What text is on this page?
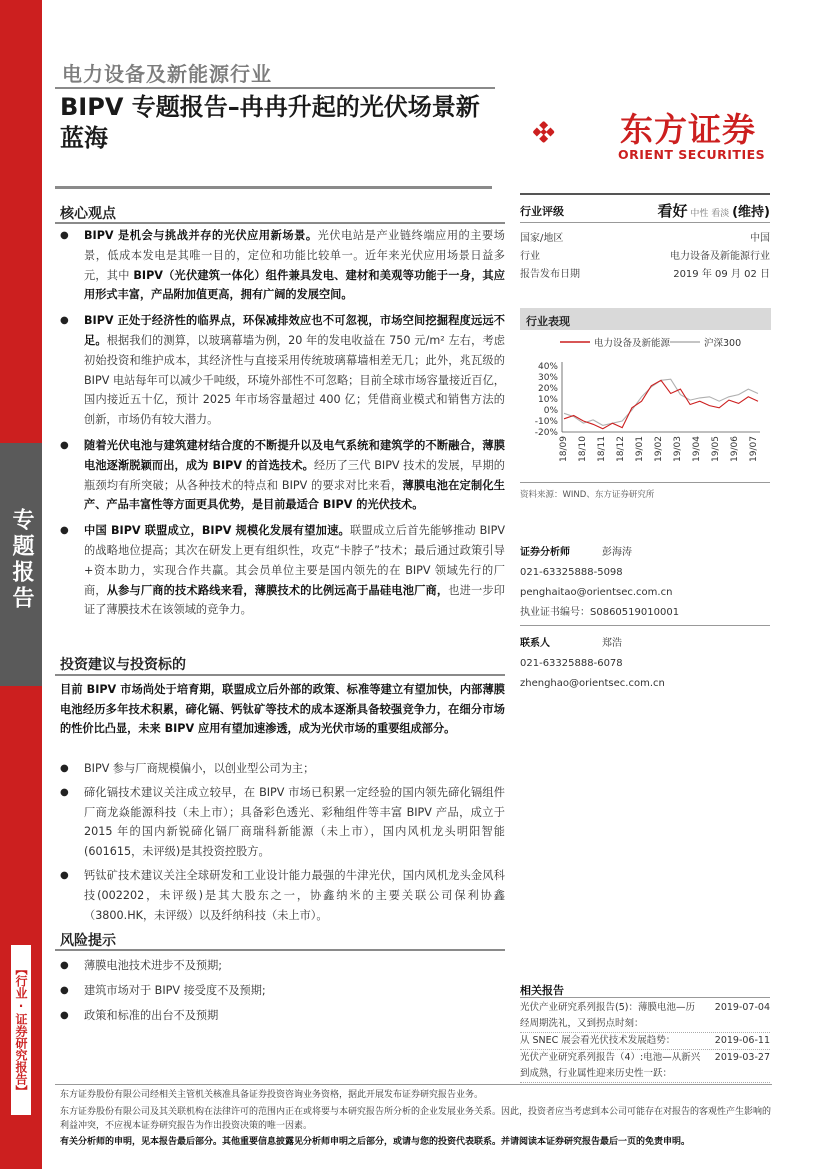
专题报告
【行业·证券研究报告】
电力设备及新能源行业
BIPV 专题报告–冉冉升起的光伏场景新蓝海	东方证券
ORIENT SECURITIES
核心观点
● BIPV 是机会与挑战并存的光伏应用新场景。光伏电站是产业链终端应用的主要场景，低成本发电是其唯一目的，定位和功能比较单一。近年来光伏应用场景日益多元，其中 BIPV（光伏建筑一体化）组件兼具发电、建材和美观等功能于一身，其应用形式丰富，产品附加值更高，拥有广阔的发展空间。
● BIPV 正处于经济性的临界点，环保减排效应也不可忽视，市场空间挖掘程度远远不足。根据我们的测算，以玻璃幕墙为例，20 年的发电收益在 750 元/m² 左右，考虑初始投资和维护成本，其经济性与直接采用传统玻璃幕墙相差无几；此外，兆瓦级的 BIPV 电站每年可以减少千吨级，环境外部性不可忽略；目前全球市场容量接近百亿，国内接近五十亿，预计 2025 年市场容量超过 400 亿；凭借商业模式和销售方法的创新，市场仍有较大潜力。
● 随着光伏电池与建筑建材结合度的不断提升以及电气系统和建筑学的不断融合，薄膜电池逐渐脱颖而出，成为 BIPV 的首选技术。经历了三代 BIPV 技术的发展，早期的瓶颈均有所突破；从各种技术的特点和 BIPV 的要求对比来看，薄膜电池在定制化生产、产品丰富性等方面更具优势，是目前最适合 BIPV 的光伏技术。
● 中国 BIPV 联盟成立，BIPV 规模化发展有望加速。联盟成立后首先能够推动 BIPV 的战略地位提高；其次在研发上更有组织性，攻克“卡脖子”技术；最后通过政策引导+资本助力，实现合作共赢。其会员单位主要是国内领先的在 BIPV 领域先行的厂商，从参与厂商的技术路线来看，薄膜技术的比例远高于晶硅电池厂商，也进一步印证了薄膜技术在该领域的竞争力。
投资建议与投资标的
目前 BIPV 市场尚处于培育期，联盟成立后外部的政策、标准等建立有望加快，内部薄膜电池经历多年技术积累，碲化镉、钙钛矿等技术的成本逐渐具备较强竞争力，在细分市场的性价比凸显，未来 BIPV 应用有望加速渗透，成为光伏市场的重要组成部分。
● BIPV 参与厂商规模偏小，以创业型公司为主；
● 碲化镉技术建议关注成立较早，在 BIPV 市场已积累一定经验的国内领先碲化镉组件厂商龙焱能源科技（未上市）；具备彩色透光、彩釉组件等丰富 BIPV 产品，成立于 2015 年的国内新锐碲化镉厂商瑞科新能源（未上市），国内风机龙头明阳智能(601615，未评级)是其投资控股方。
● 钙钛矿技术建议关注全球研发和工业设计能力最强的牛津光伏，国内风机龙头金风科技(002202，未评级)是其大股东之一，协鑫纳米的主要关联公司保利协鑫（3800.HK，未评级）以及纤纳科技（未上市）。
风险提示
● 薄膜电池技术进步不及预期;
● 建筑市场对于 BIPV 接受度不及预期;
● 政策和标准的出台不及预期
行业评级	看好 中性 看淡 (维持)
国家/地区	中国
行业	电力设备及新能源行业
报告发布日期	2019 年 09 月 02 日
行业表现
电力设备及新能源	沪深300
40%
30%
20%
10%
0%
-10%
-20%
18/09 18/10 18/11 18/12 19/01 19/02 19/03 19/04 19/05 19/06 19/07
资料来源：WIND、东方证券研究所
证券分析师	彭海涛
021-63325888-5098
penghaitao@orientsec.com.cn
执业证书编号：S0860519010001
联系人	郑浩
021-63325888-6078
zhenghao@orientsec.com.cn
相关报告
光伏产业研究系列报告(5)：薄膜电池—历 2019-07-04
经周期洗礼，又到拐点时刻：
从 SNEC 展会看光伏技术发展趋势：	2019-06-11
光伏产业研究系列报告（4）:电池—从新兴 2019-03-27
到成熟，行业属性迎来历史性一跃：
东方证券股份有限公司经相关主管机关核准具备证券投资咨询业务资格，据此开展发布证券研究报告业务。
东方证券股份有限公司及其关联机构在法律许可的范围内正在或将要与本研究报告所分析的企业发展业务关系。因此，投资者应当考虑到本公司可能存在对报告的客观性产生影响的利益冲突，不应视本证券研究报告为作出投资决策的唯一因素。
有关分析师的申明，见本报告最后部分。其他重要信息披露见分析师申明之后部分，或请与您的投资代表联系。并请阅读本证券研究报告最后一页的免责申明。
